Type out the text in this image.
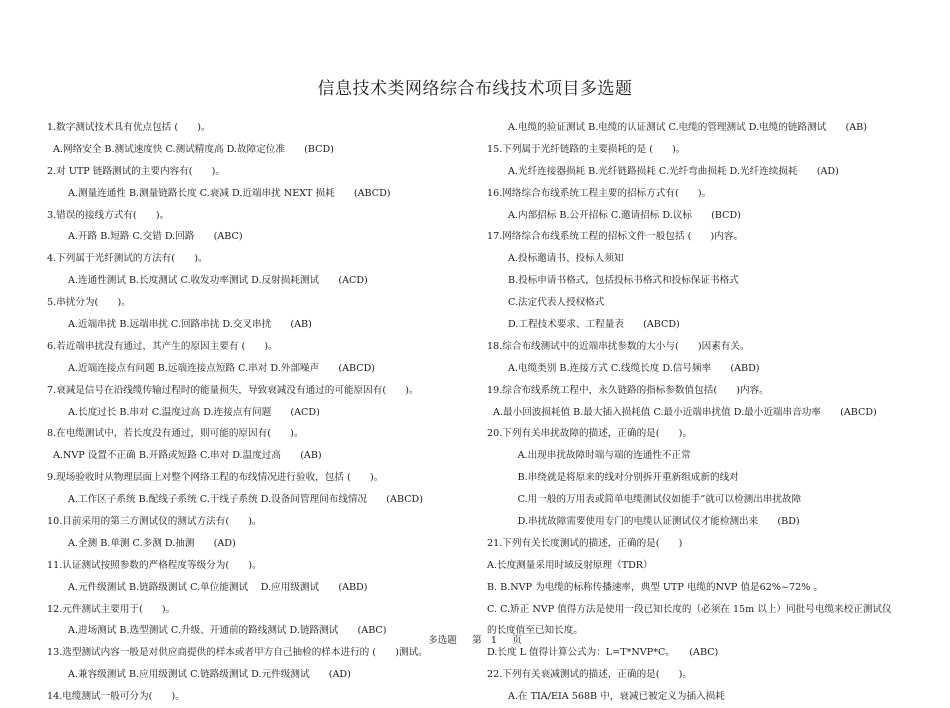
信息技术类网络综合布线技术项目多选题
1.数字测试技术具有优点包括 (　　)。
A.网络安全 B.测试速度快 C.测试精度高 D.故障定位准　　(BCD)
2.对 UTP 链路测试的主要内容有(　　)。
A.测量连通性 B.测量链路长度 C.衰减 D.近端串扰 NEXT 损耗　　(ABCD)
3.错误的接线方式有(　　)。
A.开路 B.短路 C.交错 D.回路　　(ABC)
4.下列属于光纤测试的方法有(　　)。
A.连通性测试 B.长度测试 C.收发功率测试 D.反射损耗测试　　(ACD)
5.串扰分为(　　)。
A.近端串扰 B.远端串扰 C.回路串扰 D.交叉串扰　　(AB)
6.若近端串扰没有通过，其产生的原因主要有 (　　)。
A.近端连接点有问题 B.远端连接点短路 C.串对 D.外部噪声　　(ABCD)
7.衰减是信号在沿线缆传输过程时的能量损失，导致衰减没有通过的可能原因有(　　)。
A.长度过长 B.串对 C.温度过高 D.连接点有问题　　(ACD)
8.在电缆测试中，若长度没有通过，则可能的原因有(　　)。
A.NVP 设置不正确 B.开路或短路 C.串对 D.温度过高　　(AB)
9.现场验收时从物理层面上对整个网络工程的布线情况进行验收，包括 (　　)。
A.工作区子系统 B.配线子系统 C.干线子系统 D.设备间管理间布线情况　　(ABCD)
10.目前采用的第三方测试仪的测试方法有(　　)。
A.全测 B.单测 C.多测 D.抽测　　(AD)
11.认证测试按照参数的严格程度等级分为(　　)。
A.元件级测试 B.链路级测试 C.单位能测试　 D.应用级测试　　(ABD)
12.元件测试主要用于(　　)。
A.进场测试 B.选型测试 C.升级、开通前的路线测试 D.链路测试　　(ABC)
13.选型测试内容一般是对供应商提供的样本或者甲方自己抽检的样本进行的 (　　)测试。
A.兼容级测试 B.应用级测试 C.链路级测试 D.元件级测试　　(AD)
14.电缆测试一般可分为(　　)。
A.电缆的验证测试 B.电缆的认证测试 C.电缆的管理测试 D.电缆的链路测试　　(AB)
15.下列属于光纤链路的主要损耗的是 (　　)。
A.光纤连接器损耗 B.光纤链路损耗 C.光纤弯曲损耗 D.光纤连续损耗　　(AD)
16.网络综合布线系统工程主要的招标方式有(　　)。
A.内部招标 B.公开招标 C.邀请招标 D.议标　　(BCD)
17.网络综合布线系统工程的招标文件一般包括 (　　)内容。
A.投标邀请书、投标人须知
B.投标申请书格式，包括投标书格式和投标保证书格式
C.法定代表人授权格式
D.工程技术要求、工程量表　　(ABCD)
18.综合布线测试中的近端串扰参数的大小与(　　)因素有关。
A.电缆类别 B.连接方式 C.线缆长度 D.信号频率　　(ABD)
19.综合布线系统工程中，永久链路的指标参数值包括(　　)内容。
A.最小回波损耗值 B.最大插入损耗值 C.最小近端串扰值 D.最小近端串音功率　　(ABCD)
20.下列有关串扰故障的描述，正确的是(　　)。
　A.出现串扰故障时端与端的连通性不正常
　B.串绕就是将原来的线对分别拆开重新组成新的线对
　C.用一般的万用表或简单电缆测试仪如能手”就可以检测出串扰故障
　D.串扰故障需要使用专门的电缆认证测试仪才能检测出来　　(BD)
21.下列有关长度测试的描述，正确的是(　　)
A.长度测量采用时域反射原理（TDR）
B. B.NVP 为电缆的标称传播速率，典型 UTP 电缆的NVP 值是62%~72% 。
C. C.矫正 NVP 值得方法是使用一段已知长度的（必须在 15m 以上）同批号电缆来校正测试仪
的长度值至已知长度。
D.长度 L 值得计算公式为：L=T*NVP*C。　　(ABC)
22.下列有关衰减测试的描述，正确的是(　　)。
A.在 TIA/EIA 568B 中，衰减已被定义为插入损耗
多选题 第 1 页
